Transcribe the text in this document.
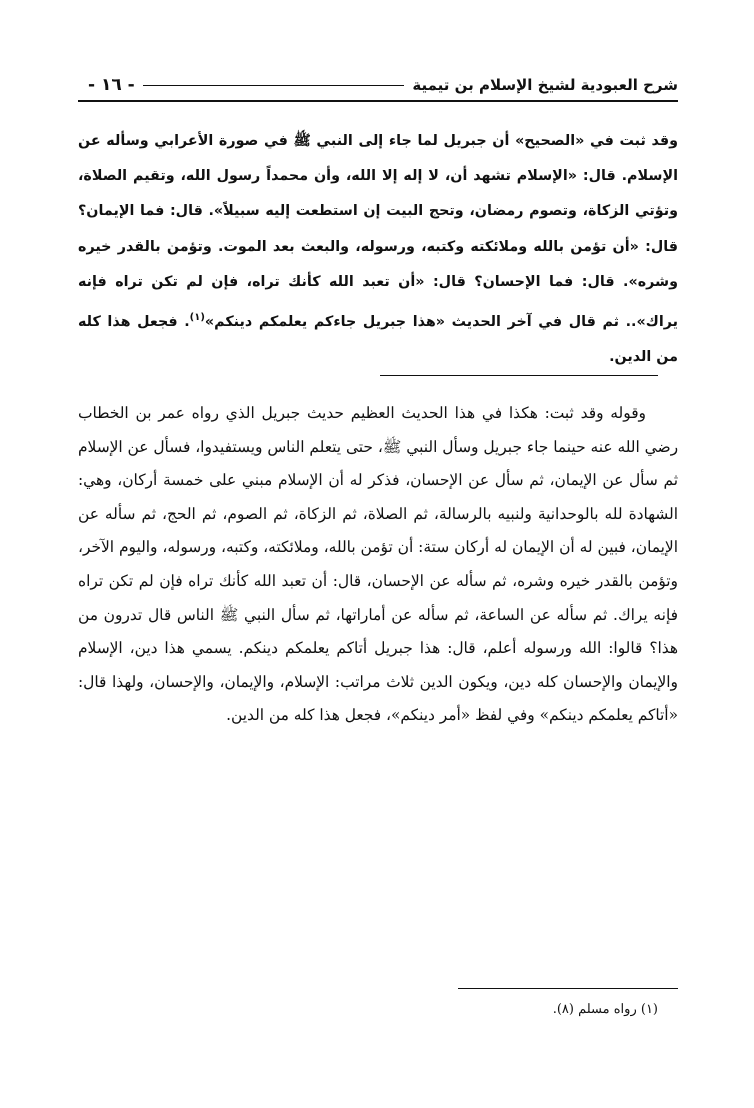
شرح العبودية لشيخ الإسلام بن تيمية
- ١٦ -
وقد ثبت في «الصحيح» أن جبريل لما جاء إلى النبي ﷺ في صورة الأعرابي وسأله عن الإسلام. قال: «الإسلام تشهد أن، لا إله إلا الله، وأن محمداً رسول الله، وتقيم الصلاة، وتؤتي الزكاة، وتصوم رمضان، وتحج البيت إن استطعت إليه سبيلاً». قال: فما الإيمان؟ قال: «أن تؤمن بالله وملائكته وكتبه، ورسوله، والبعث بعد الموت. وتؤمن بالقدر خيره وشره». قال: فما الإحسان؟ قال: «أن تعبد الله كأنك تراه، فإن لم تكن تراه فإنه يراك».. ثم قال في آخر الحديث «هذا جبريل جاءكم يعلمكم دينكم»$^{(١)}$. فجعل هذا كله من الدين.
وقوله وقد ثبت: هكذا في هذا الحديث العظيم حديث جبريل الذي رواه عمر بن الخطاب رضي الله عنه حينما جاء جبريل وسأل النبي ﷺ، حتى يتعلم الناس ويستفيدوا، فسأل عن الإسلام ثم سأل عن الإيمان، ثم سأل عن الإحسان، فذكر له أن الإسلام مبني على خمسة أركان، وهي: الشهادة لله بالوحدانية ولنبيه بالرسالة، ثم الصلاة، ثم الزكاة، ثم الصوم، ثم الحج، ثم سأله عن الإيمان، فبين له أن الإيمان له أركان ستة: أن تؤمن بالله، وملائكته، وكتبه، ورسوله، واليوم الآخر، وتؤمن بالقدر خيره وشره، ثم سأله عن الإحسان، قال: أن تعبد الله كأنك تراه فإن لم تكن تراه فإنه يراك. ثم سأله عن الساعة، ثم سأله عن أماراتها، ثم سأل النبي ﷺ الناس قال تدرون من هذا؟ قالوا: الله ورسوله أعلم، قال: هذا جبريل أتاكم يعلمكم دينكم. يسمي هذا دين، الإسلام والإيمان والإحسان كله دين، ويكون الدين ثلاث مراتب: الإسلام، والإيمان، والإحسان، ولهذا قال: «أتاكم يعلمكم دينكم» وفي لفظ «أمر دينكم»، فجعل هذا كله من الدين.
(١) رواه مسلم (٨).
